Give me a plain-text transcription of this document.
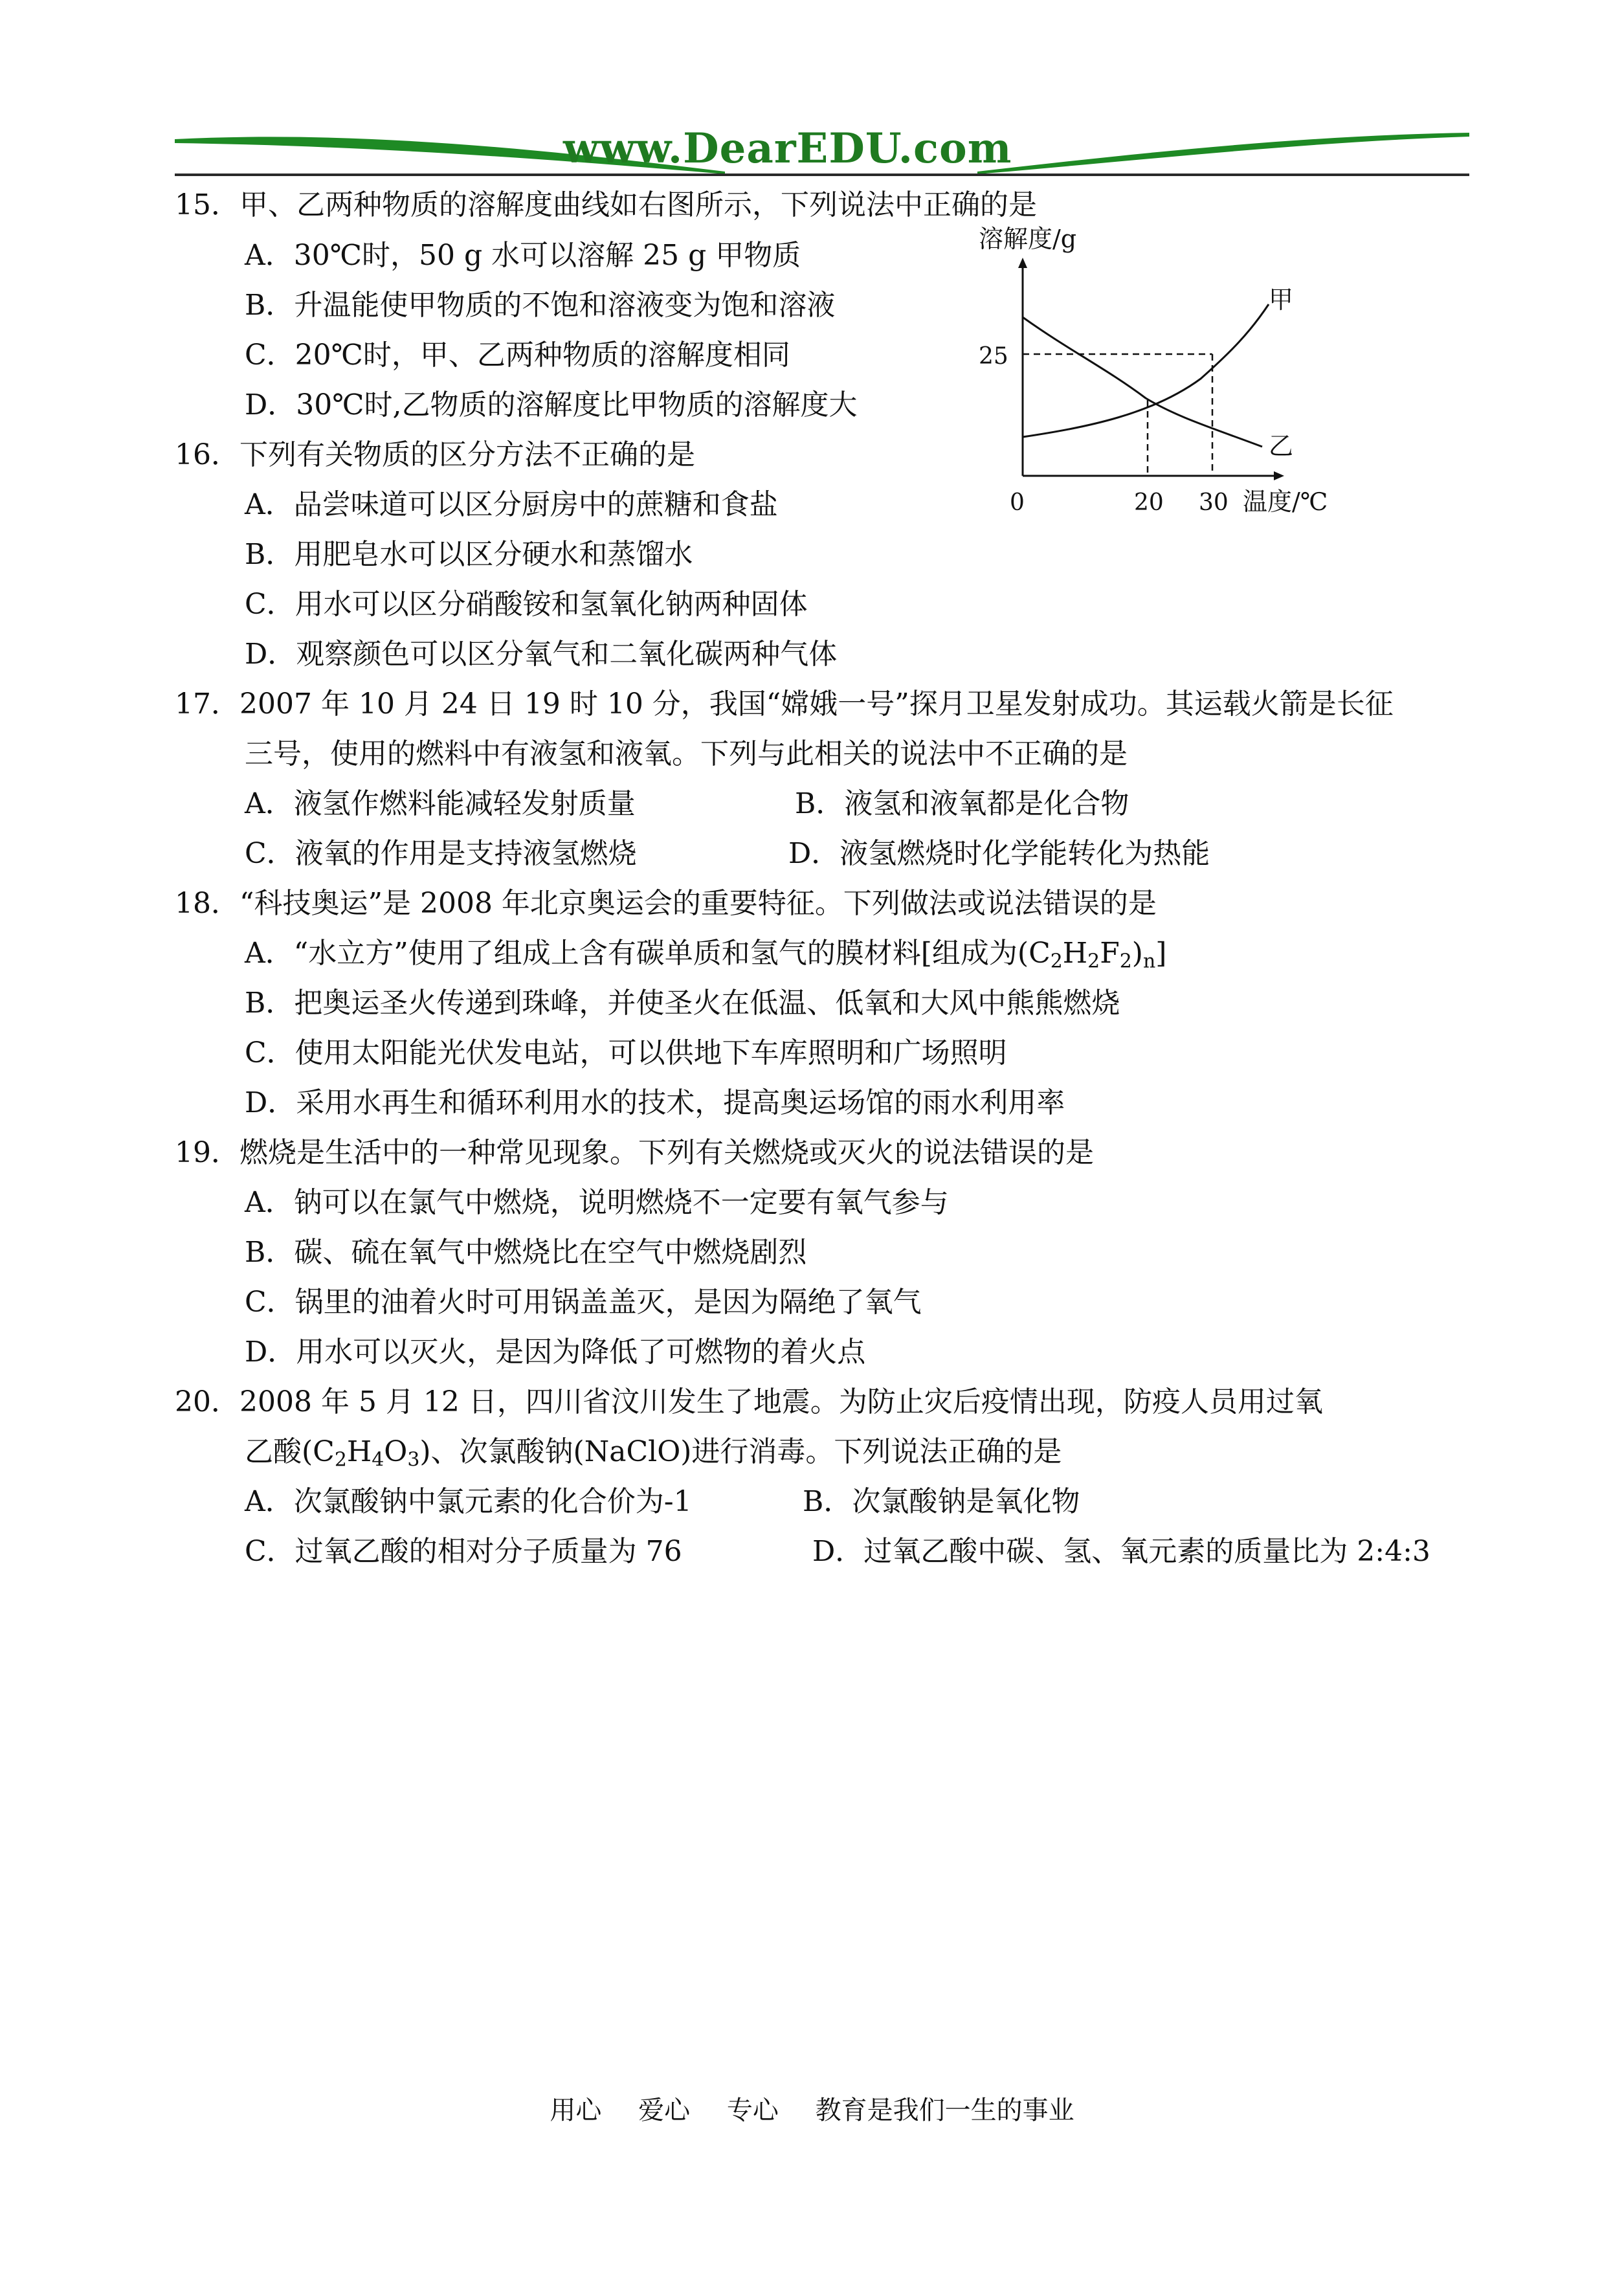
www.DearEDU.com
15．甲、乙两种物质的溶解度曲线如右图所示，下列说法中正确的是
A．30℃时，50 g 水可以溶解 25 g 甲物质
B．升温能使甲物质的不饱和溶液变为饱和溶液
C．20℃时，甲、乙两种物质的溶解度相同
D．30℃时,乙物质的溶解度比甲物质的溶解度大
溶解度/g
25
0	20 30 温度/℃
甲
乙
16．下列有关物质的区分方法不正确的是
A．品尝味道可以区分厨房中的蔗糖和食盐
B．用肥皂水可以区分硬水和蒸馏水
C．用水可以区分硝酸铵和氢氧化钠两种固体
D．观察颜色可以区分氧气和二氧化碳两种气体
17．2007 年 10 月 24 日 19 时 10 分，我国“嫦娥一号”探月卫星发射成功。其运载火箭是长征
三号，使用的燃料中有液氢和液氧。下列与此相关的说法中不正确的是
A．液氢作燃料能减轻发射质量	B．液氢和液氧都是化合物
C．液氧的作用是支持液氢燃烧	D．液氢燃烧时化学能转化为热能
18．“科技奥运”是 2008 年北京奥运会的重要特征。下列做法或说法错误的是
A．“水立方”使用了组成上含有碳单质和氢气的膜材料[组成为$(C_2H_2F_2)_n$]
B．把奥运圣火传递到珠峰，并使圣火在低温、低氧和大风中熊熊燃烧
C．使用太阳能光伏发电站，可以供地下车库照明和广场照明
D．采用水再生和循环利用水的技术，提高奥运场馆的雨水利用率
19．燃烧是生活中的一种常见现象。下列有关燃烧或灭火的说法错误的是
A．钠可以在氯气中燃烧，说明燃烧不一定要有氧气参与
B．碳、硫在氧气中燃烧比在空气中燃烧剧烈
C．锅里的油着火时可用锅盖盖灭，是因为隔绝了氧气
D．用水可以灭火，是因为降低了可燃物的着火点
20．2008 年 5 月 12 日，四川省汶川发生了地震。为防止灾后疫情出现，防疫人员用过氧
乙酸$(C_2H_4O_3)$、次氯酸钠(NaClO)进行消毒。下列说法正确的是
A．次氯酸钠中氯元素的化合价为-1	B．次氯酸钠是氧化物
C．过氧乙酸的相对分子质量为 76	D．过氧乙酸中碳、氢、氧元素的质量比为 2:4:3
用心 爱心 专心 教育是我们一生的事业
